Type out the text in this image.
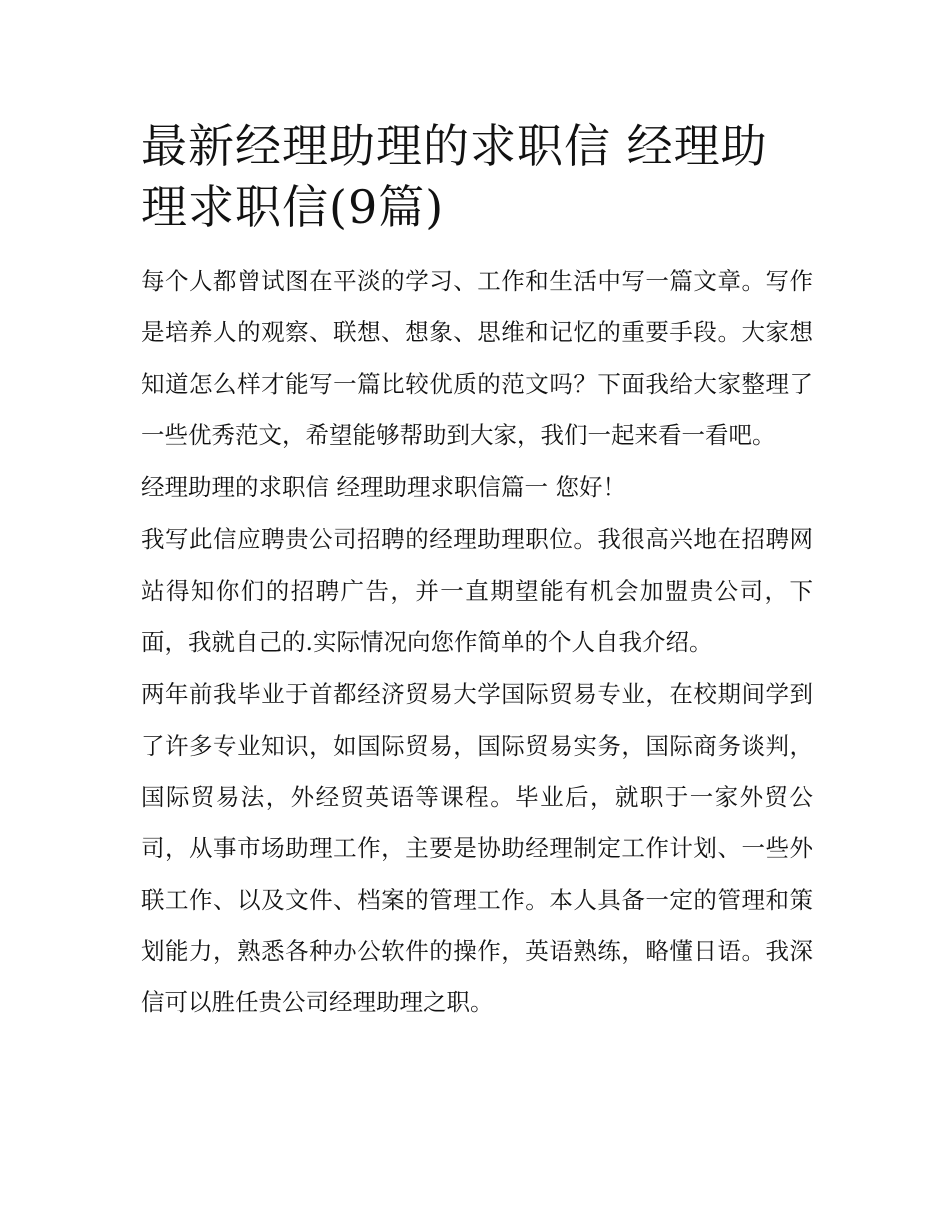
最新经理助理的求职信 经理助理求职信(9篇)

每个人都曾试图在平淡的学习、工作和生活中写一篇文章。写作是培养人的观察、联想、想象、思维和记忆的重要手段。大家想知道怎么样才能写一篇比较优质的范文吗？下面我给大家整理了一些优秀范文，希望能够帮助到大家，我们一起来看一看吧。

经理助理的求职信 经理助理求职信篇一 您好！

我写此信应聘贵公司招聘的经理助理职位。我很高兴地在招聘网站得知你们的招聘广告，并一直期望能有机会加盟贵公司，下面，我就自己的.实际情况向您作简单的个人自我介绍。

两年前我毕业于首都经济贸易大学国际贸易专业，在校期间学到了许多专业知识，如国际贸易，国际贸易实务，国际商务谈判，国际贸易法，外经贸英语等课程。毕业后，就职于一家外贸公司，从事市场助理工作，主要是协助经理制定工作计划、一些外联工作、以及文件、档案的管理工作。本人具备一定的管理和策划能力，熟悉各种办公软件的操作，英语熟练，略懂日语。我深信可以胜任贵公司经理助理之职。
